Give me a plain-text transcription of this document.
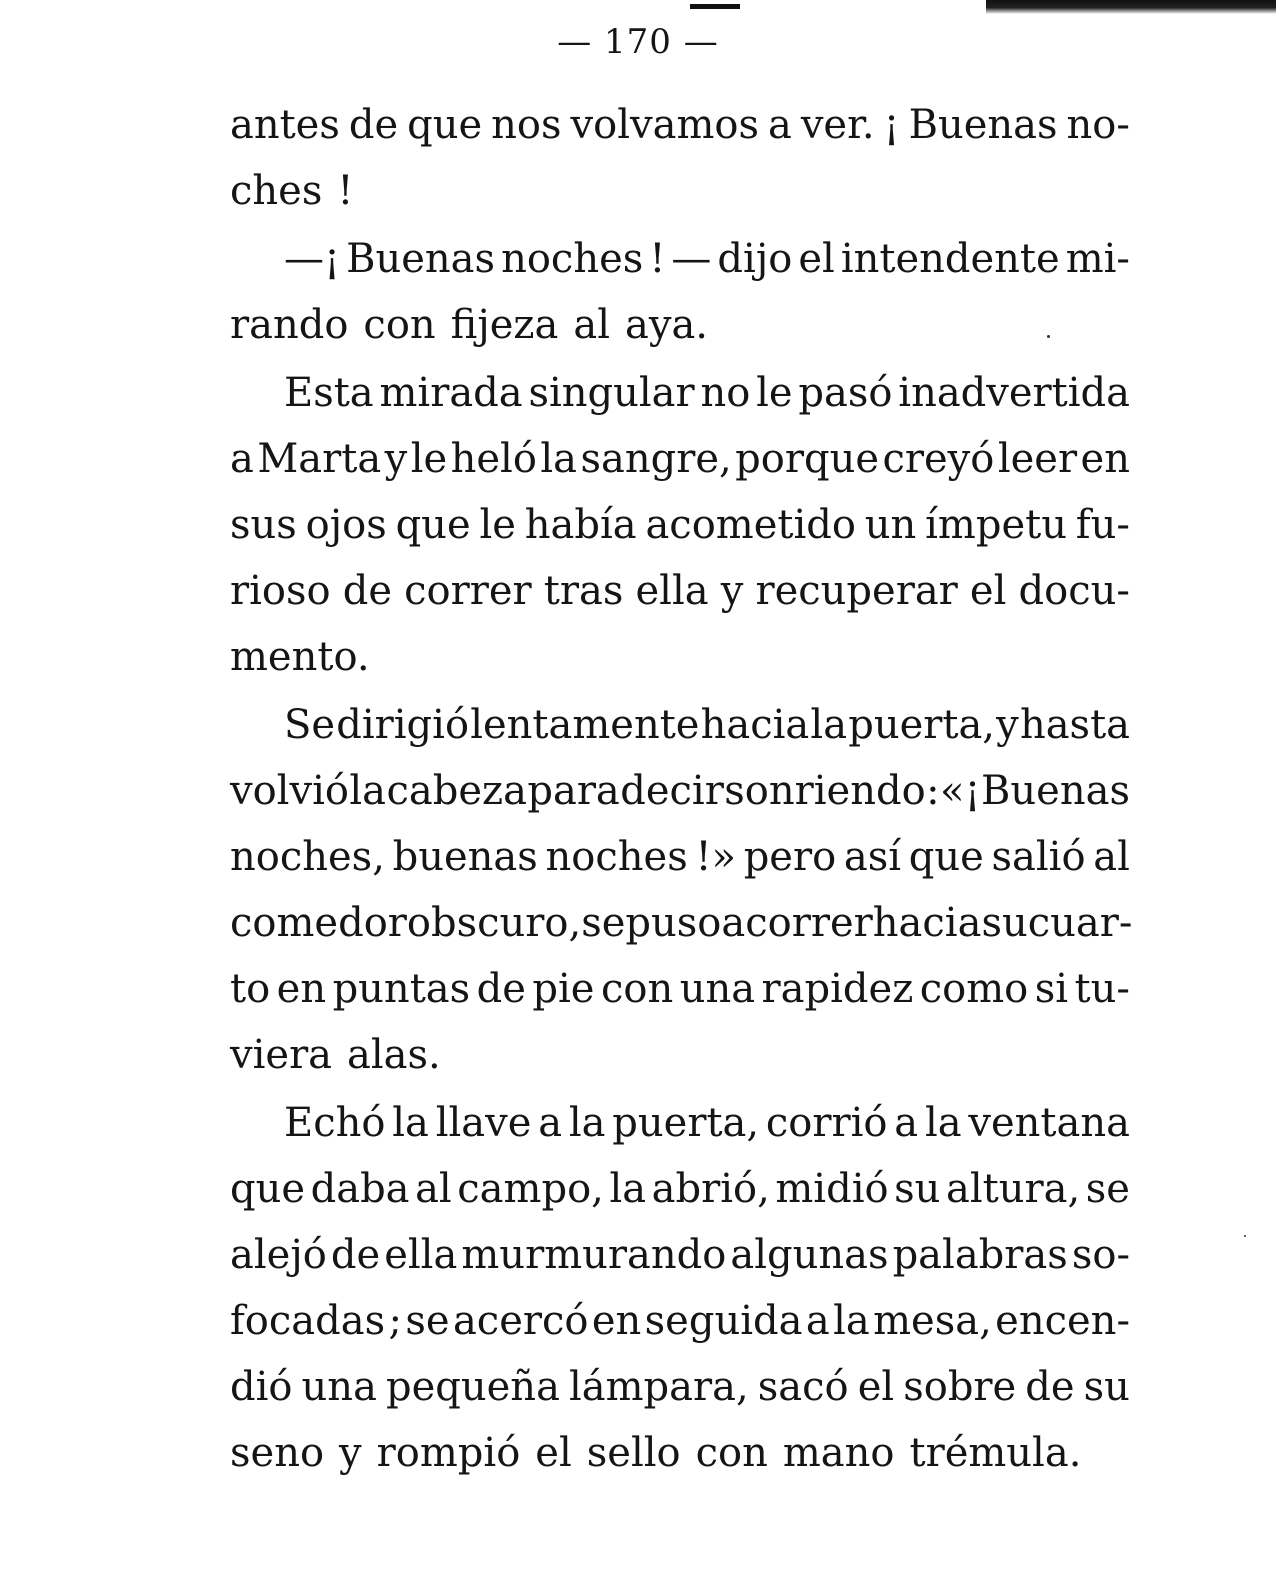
— 170 —
antes de que nos volvamos a ver. ¡ Buenas no-
ches !
—¡ Buenas noches ! — dijo el intendente mi-
rando con fijeza al aya.
Esta mirada singular no le pasó inadvertida
a Marta y le heló la sangre, porque creyó leer en
sus ojos que le había acometido un ímpetu fu-
rioso de correr tras ella y recuperar el docu-
mento.
Se dirigió lentamente hacia la puerta, y hasta
volvió la cabeza para decir sonriendo : «¡ Buenas
noches, buenas noches !» pero así que salió al
comedor obscuro, se puso a correr hacia su cuar-
to en puntas de pie con una rapidez como si tu-
viera alas.
Echó la llave a la puerta, corrió a la ventana
que daba al campo, la abrió, midió su altura, se
alejó de ella murmurando algunas palabras so-
focadas ; se acercó en seguida a la mesa, encen-
dió una pequeña lámpara, sacó el sobre de su
seno y rompió el sello con mano trémula.
